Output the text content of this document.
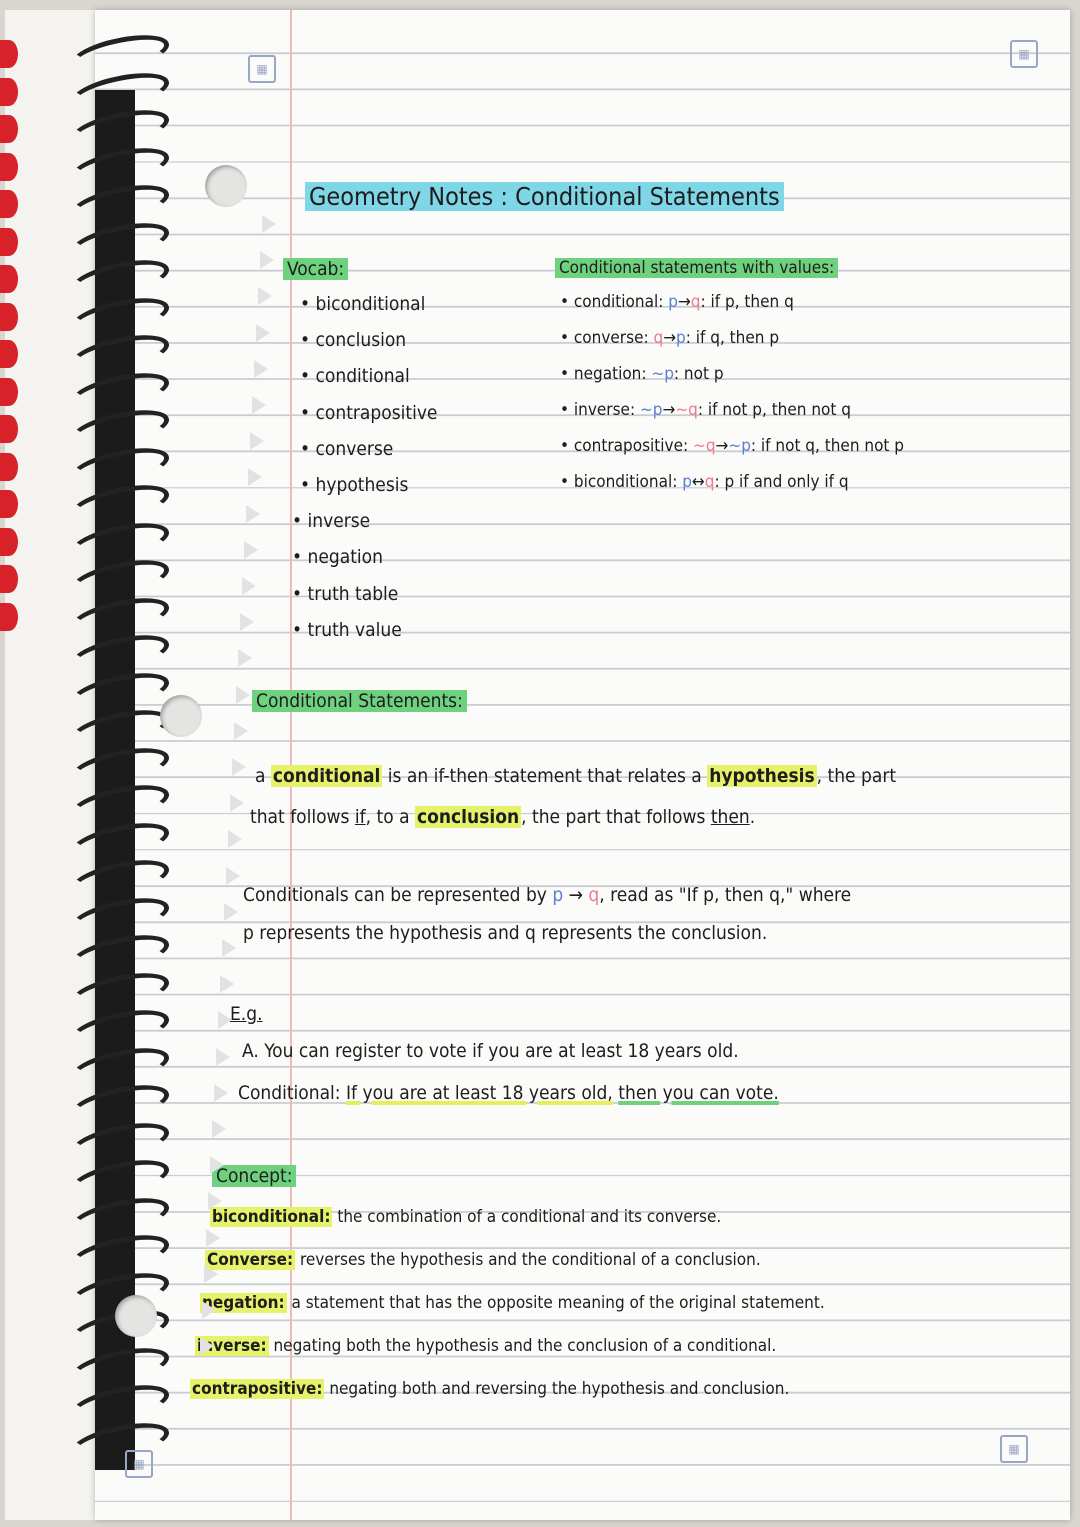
▦
▦
▦
▦
Geometry Notes : Conditional Statements
Vocab:
• biconditional
• conclusion
• conditional
• contrapositive
• converse
• hypothesis
• inverse
• negation
• truth table
• truth value
Conditional statements with values:
• conditional: p→q: if p, then q
• converse: q→p: if q, then p
• negation: ~p: not p
• inverse: ~p→~q: if not p, then not q
• contrapositive: ~q→~p: if not q, then not p
• biconditional: p↔q: p if and only if q
Conditional Statements:
a conditional is an if-then statement that relates a hypothesis , the part
that follows if, to a conclusion , the part that follows then.
Conditionals can be represented by p → q, read as "If p, then q," where
p represents the hypothesis and q represents the conclusion.
E.g.
A. You can register to vote if you are at least 18 years old.
Conditional: If you are at least 18 years old, then you can vote.
Concept:
biconditional: the combination of a conditional and its converse.
Converse: reverses the hypothesis and the conditional of a conclusion.
negation: a statement that has the opposite meaning of the original statement.
inverse: negating both the hypothesis and the conclusion of a conditional.
contrapositive: negating both and reversing the hypothesis and conclusion.
